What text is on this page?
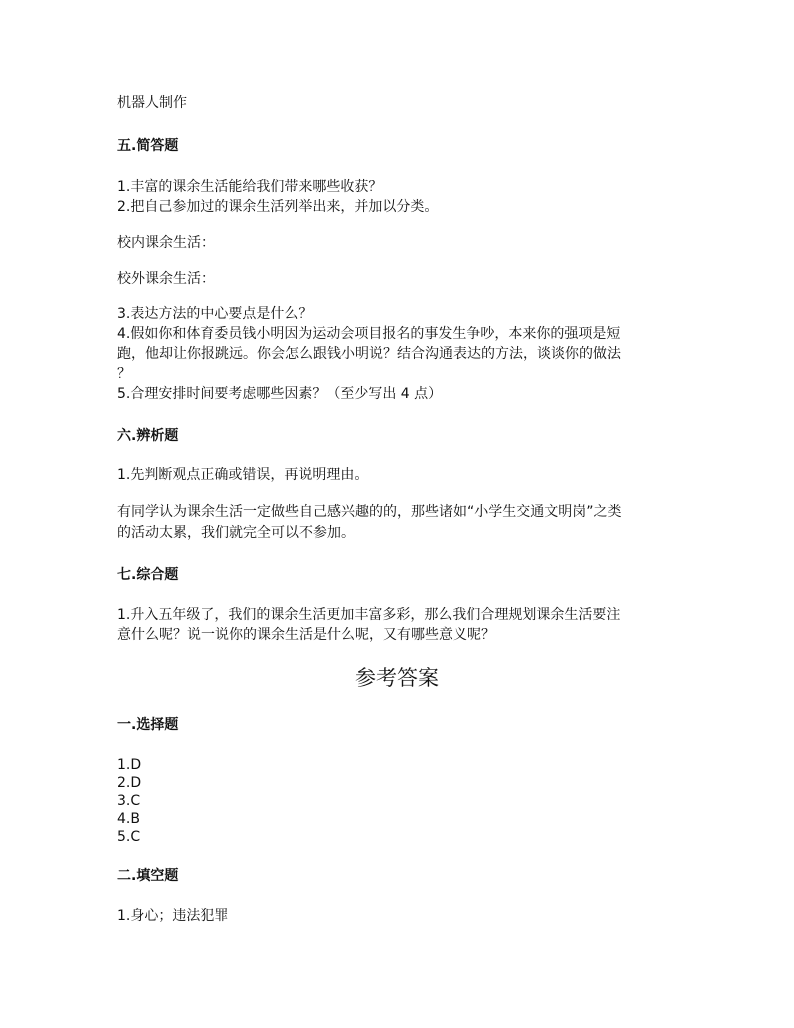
机器人制作
五.简答题
1.丰富的课余生活能给我们带来哪些收获？
2.把自己参加过的课余生活列举出来，并加以分类。
校内课余生活：
校外课余生活：
3.表达方法的中心要点是什么？
4.假如你和体育委员钱小明因为运动会项目报名的事发生争吵，本来你的强项是短
跑，他却让你报跳远。你会怎么跟钱小明说？结合沟通表达的方法，谈谈你的做法
？
5.合理安排时间要考虑哪些因素？（至少写出 4 点）
六.辨析题
1.先判断观点正确或错误，再说明理由。
有同学认为课余生活一定做些自己感兴趣的的，那些诸如“小学生交通文明岗”之类
的活动太累，我们就完全可以不参加。
七.综合题
1.升入五年级了，我们的课余生活更加丰富多彩，那么我们合理规划课余生活要注
意什么呢？说一说你的课余生活是什么呢，又有哪些意义呢？
参考答案
一.选择题
1.D
2.D
3.C
4.B
5.C
二.填空题
1.身心；违法犯罪
